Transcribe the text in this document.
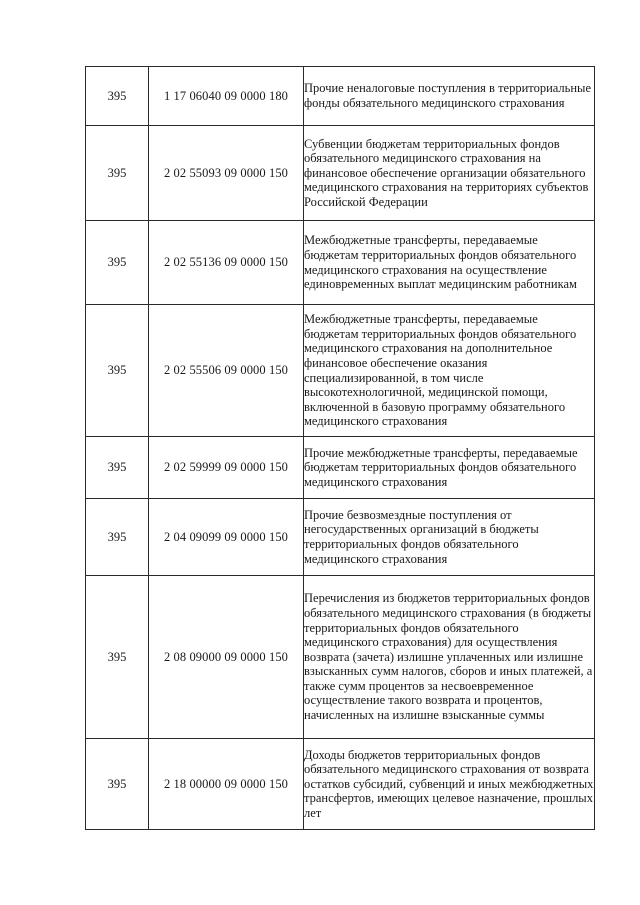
395	1 17 06040 09 0000 180	Прочие неналоговые поступления в территориальные фонды обязательного медицинского страхования
395	2 02 55093 09 0000 150	Субвенции бюджетам территориальных фондов обязательного медицинского страхования на финансовое обеспечение организации обязательного медицинского страхования на территориях субъектов Российской Федерации
395	2 02 55136 09 0000 150	Межбюджетные трансферты, передаваемые бюджетам территориальных фондов обязательного медицинского страхования на осуществление единовременных выплат медицинским работникам
395	2 02 55506 09 0000 150	Межбюджетные трансферты, передаваемые бюджетам территориальных фондов обязательного медицинского страхования на дополнительное финансовое обеспечение оказания специализированной, в том числе высокотехнологичной, медицинской помощи, включенной в базовую программу обязательного медицинского страхования
395	2 02 59999 09 0000 150	Прочие межбюджетные трансферты, передаваемые бюджетам территориальных фондов обязательного медицинского страхования
395	2 04 09099 09 0000 150	Прочие безвозмездные поступления от негосударственных организаций в бюджеты территориальных фондов обязательного медицинского страхования
395	2 08 09000 09 0000 150	Перечисления из бюджетов территориальных фондов обязательного медицинского страхования (в бюджеты территориальных фондов обязательного медицинского страхования) для осуществления возврата (зачета) излишне уплаченных или излишне взысканных сумм налогов, сборов и иных платежей, а также сумм процентов за несвоевременное осуществление такого возврата и процентов, начисленных на излишне взысканные суммы
395	2 18 00000 09 0000 150	Доходы бюджетов территориальных фондов обязательного медицинского страхования от возврата остатков субсидий, субвенций и иных межбюджетных трансфертов, имеющих целевое назначение, прошлых лет
